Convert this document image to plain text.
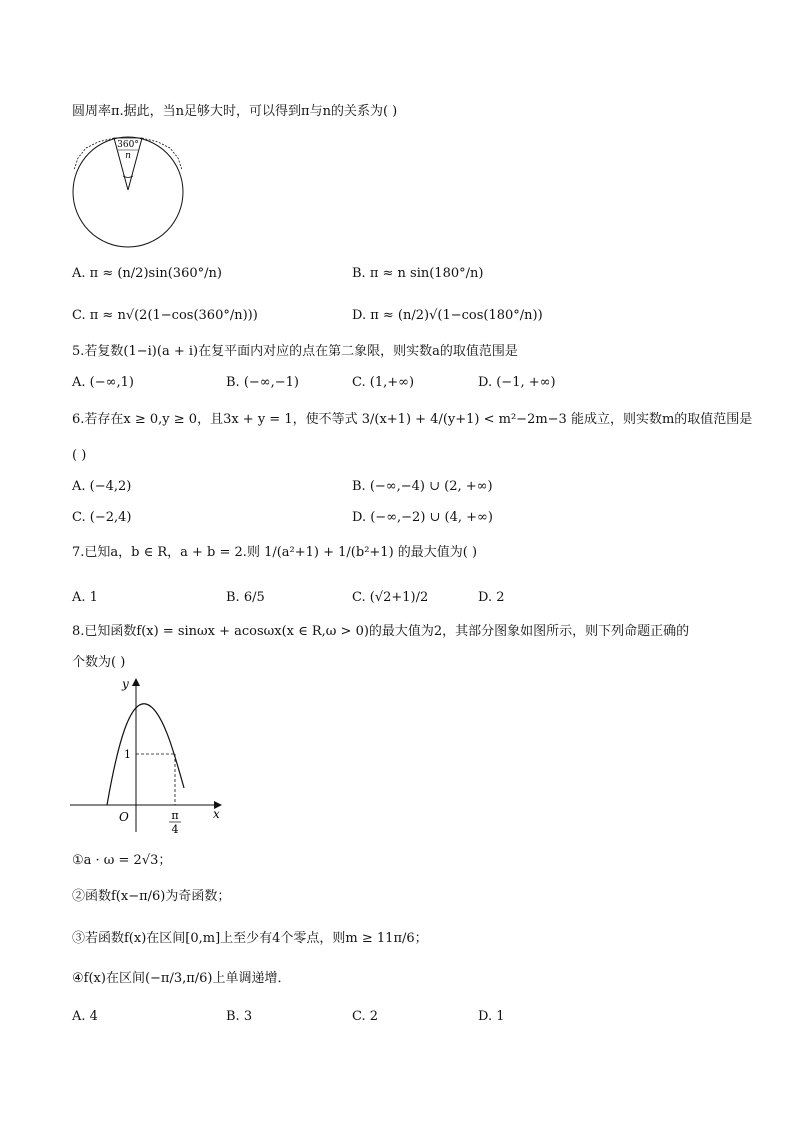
圆周率π.据此，当n足够大时，可以得到π与n的关系为( )
360°
n
A. π ≈ (n/2)sin(360°/n)	B. π ≈ n sin(180°/n)
C. π ≈ n√(2(1−cos(360°/n)))	D. π ≈ (n/2)√(1−cos(180°/n))
5.若复数(1−i)(a + i)在复平面内对应的点在第二象限，则实数a的取值范围是
A. (−∞,1)	B. (−∞,−1)	C. (1,+∞)	D. (−1, +∞)
6.若存在x ≥ 0,y ≥ 0，且3x + y = 1，使不等式 3/(x+1) + 4/(y+1) < m²−2m−3 能成立，则实数m的取值范围是
( )
A. (−4,2)	B. (−∞,−4) ∪ (2, +∞)
C. (−2,4)	D. (−∞,−2) ∪ (4, +∞)
7.已知a，b ∈ R，a + b = 2.则 1/(a²+1) + 1/(b²+1) 的最大值为( )
A. 1	B. 6/5	C. (√2+1)/2	D. 2
8.已知函数f(x) = sinωx + acosωx(x ∈ R,ω > 0)的最大值为2，其部分图象如图所示，则下列命题正确的
个数为( )
y
x
O
1
π
4
①a · ω = 2√3；
②函数f(x−π/6)为奇函数；
③若函数f(x)在区间[0,m]上至少有4个零点，则m ≥ 11π/6；
④f(x)在区间(−π/3,π/6)上单调递增．
A. 4	B. 3	C. 2	D. 1
